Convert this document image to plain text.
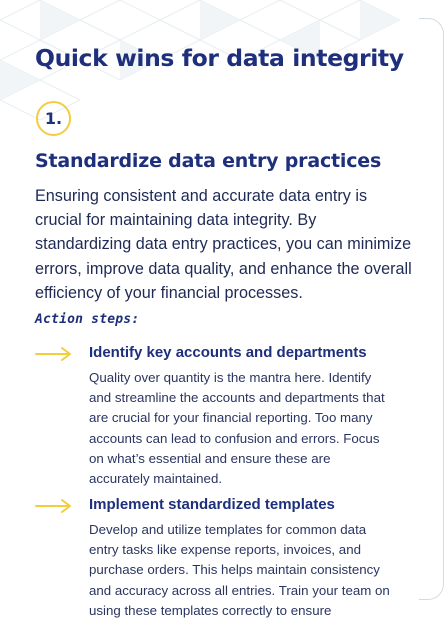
Quick wins for data integrity
1.
Standardize data entry practices

Ensuring consistent and accurate data entry is crucial for maintaining data integrity. By standardizing data entry practices, you can minimize errors, improve data quality, and enhance the overall efficiency of your financial processes.

Action steps:
Identify key accounts and departments

Quality over quantity is the mantra here. Identify and streamline the accounts and departments that are crucial for your financial reporting. Too many accounts can lead to confusion and errors. Focus on what’s essential and ensure these are accurately maintained.

Implement standardized templates

Develop and utilize templates for common data entry tasks like expense reports, invoices, and purchase orders. This helps maintain consistency and accuracy across all entries. Train your team on using these templates correctly to ensure
